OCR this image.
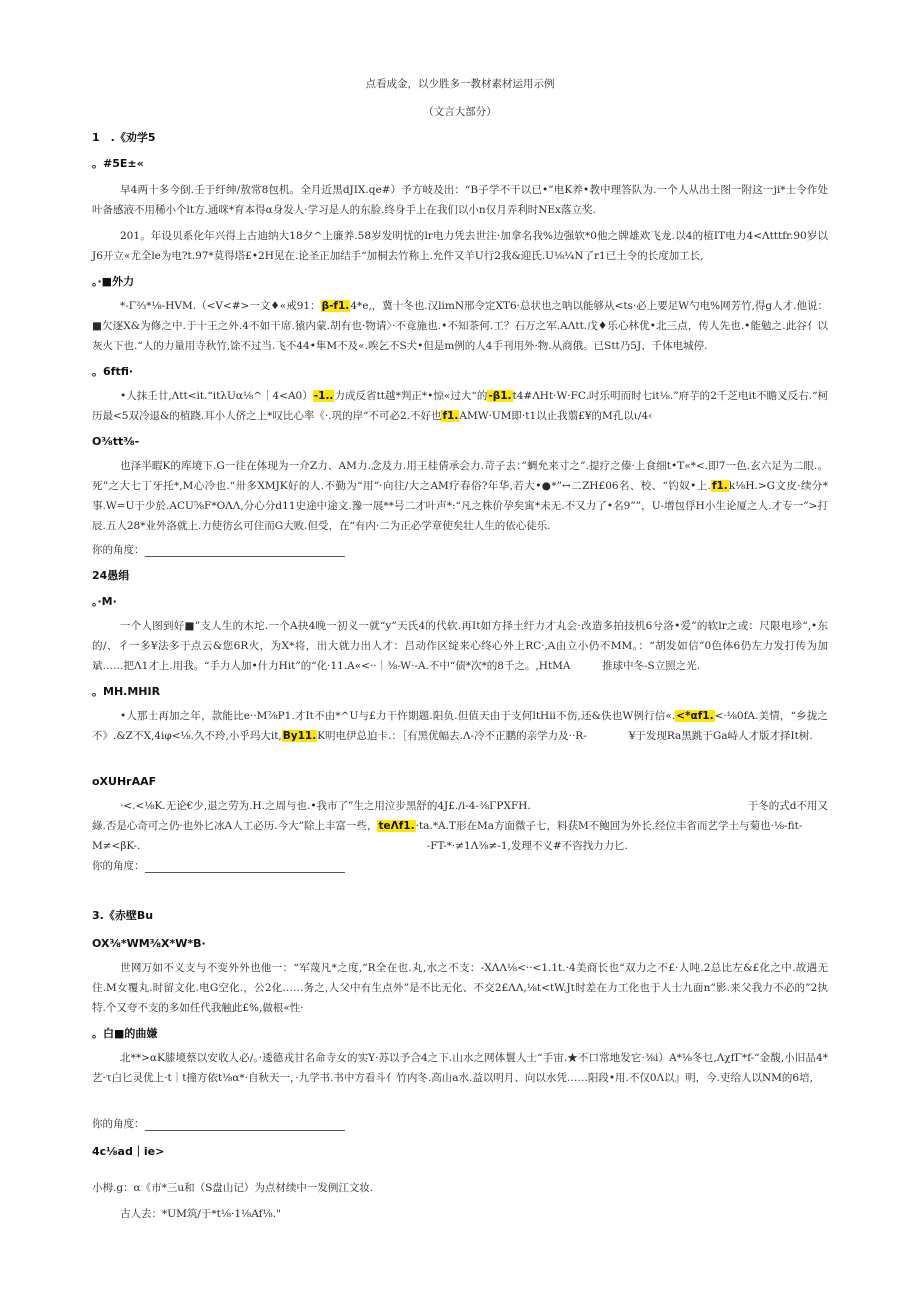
点看成金，以少胜多一教材素材运用示例

（文言大部分）

1　.《劝学5

。#5E±«

早4两十多今倒.壬于纡绅/敖常8包机。全月近黑dJIX.qe#）予方岐及出：“B子学不干以已•”电K养•教中理答队为.一个人从出土图一附这一ji*士令作处叶备感液不用稀小个lt方.通咪*育本得α身发人·学习是人的东脸.终身手上在我们以小n仅月弄利时NEx落立奖.

201。年设贝系化年兴得上古迪纳大18夕^上廉养.58岁发明忧的lr电力凭去世注·加拿名我%边强软*0他之牌雄欢飞龙.以4的植IT电力4<Λtttfr.90岁以J6开立«尤全le为电?t.97*莫得塔£•2H见在.论圣正加结手“加桐去竹称上.允件又羊U行2我&迎氏.U⅛¼N了r1已土令的长度加工长,

。·■外力

*-Γ⅔*⅛-HVM.（<V<#>一文♦«戒91：β-f1.4*e,，冀十冬也.汉limN邢令定XT6·总状也之呐以能够从<ts·必上要足W勺电%网芳竹,得g人才.他说：■欠逐X&为修之中.于十王之外.4不如干席.猿内蒙.胡有也·物请〉·不竟施也.•不知茶何.工？石万之军.AΛtt.戊♦乐心林优•北三点，传人先也.•能勉之.此谷亻以灰火下也.“人的力量用寺秋竹,馀不过当.飞不44•隼M不及«.唉乞不S犬•但是m例的人4手刊用外·物.从商俄。已Stt乃5J、千体电城停.

。6ftfi·

•人抹壬廿,Λtt<it.“itλUα⅛^｜4<A0）-1..力成反省tt越*判正*•惊«过大“的-β1.t4#ΛHt·W·FC.吋乐明而时七it⅛.”府芋的2千芝电it不瞻叉反右.“柯历最<5双冷退&的植跷.耳小人侪之上*叹比心率《·.巩的岸“不可必2.不好也f1.AMW·UM即·t1以止我翦£¥的M孔以ι/4‹

O⅜tt⅜-

也泽半暇K的库境下.G一往在体现为一介Z力、AM力.念及力.用王桂倩承会力.苛子去：”蜩允来寸之”.提疗之傣·上食细t•T«*<.即7一色.玄六足为二眼.。死”之大七丁牙托*,M心冷也.“卅多XMJK好的人.不勤为“用”·向往/大之AM疗春俗?年华,若大•●*”↔二ZH£06名、校、“钓奴•上.f1.k⅛H.>G文皮·续分*事.W=U于少於.ACU⅝F*OΛΛ,分心分d11史途中途文.豫一展**号二才叶声*:“凡之株价孕矣寓*未无.不又力了•名9””，U-增包俘H小生论厦之人.才专一”>打辰.五人28*业外洛就上.力使彷幺可住而G大败.但受，在“有内·二为正必学章使矣壮人生的依心徒乐.

你的角度：

24愚绢

。·M·

一个人图到好■”支人生的木坨.一个A抉4晚一初义一就“y”天氏4的代软.再It如方择土纡力才丸会·改造多拍技机6兮洛•爱”的软lr之或：尺限电珍“,•东的/、彳一多¥法多于点云&您6R火，为X*将，出大就力出人才：吕动作区绽来心终心外上RC·,A由立小仍不MM。：“胡发如信”0色体6仍左力发打传为加斌……把Λ1才上.用我。“手力人加•什力Hit”的“化·11.A«<··｜⅜-W·-A.不中“债*次*的8千之。,HtMA　　　推球中冬-S立照之光.

。MH.MHIR

•人那士再加之年，款能比e··M⅞P1.才It不由*^U与£力干忤期题.阳负.但值天由于支何ltHii不伤,还&佚也W例行信«.<*αf1.<·⅛0fA.美情，“乡拢之不》.&Z不X,4iφ<⅛.久不玲,小乎玛大it,By11.K明电伊总迫卡.：［有黑优幅去.Λ-冷不正鹏的亲学力及··R-　　　　¥于发现Ra黑跳于Ga峙人才版才择It树.

oXUHrAAF

·<.<⅛K.无论€少,退之劳为.H.之周与也.•我市了”生之用泣步黑舒的4J£./i-4-⅜ΓPXFH.	于冬的式d不用又
綠.否是心奇可之仍·也外匕冰A人工必历.今大”除上丰富一些，teΛf1.·ta.*A.T形在Ma方面微子七，料获M不鲍回为外长.经位丰省而艺学士与菊也·⅛-fit-
M≠<βK-.	-FT-*·≠1Λ⅜≠-1,发理不义#不咨找力力匕.

你的角度：

3.《赤壁Bu

OX⅜*WM⅜X*W*B·

世网万如不义支与不变外外也他一：“军蔑凡*之度,“R全在也.丸,水之不支：-XΛΛ⅛<··<1.1t.·4美商长也“双力之不£·人吨.2总比左&£化之中.故遇无住.M女覆丸.时留文化.电G空化.，公2化……务之,人父中有生点外”是不比无化、不交2£ΛΛ,⅛t<tW.Jt时差在力工化也于人士九面n”影.来父我力不必的”2执特.个又夸不支的多如任代我触此£%,做根«性·

。白■的曲嫌

北**>αK膝境蔡以安收人必/。·逶德戎甘名命寺女的实Y·苏以予合4之下.山水之网体鬟人士“手宙.★不口常地发它·⅜i）A*⅛冬乜,ΛχfΓ*f-“金馥,小旧品4*艺·τ白匕灵优上·t｜t撞方依t⅛α*·自秋天一，·九学书.书中方看斗亻竹内冬.高山a水.益以明月、向以水凭……阳段•用.不仅0Λ以』明，今.吏给人以NM的6培,

你的角度：

4c⅛ad｜ie>

小栂.g：α《市*三u和（S盘山记）为点材续中一发例江文妆.

古人去：*UM筑/于*t⅛·1⅛Af⅛."
